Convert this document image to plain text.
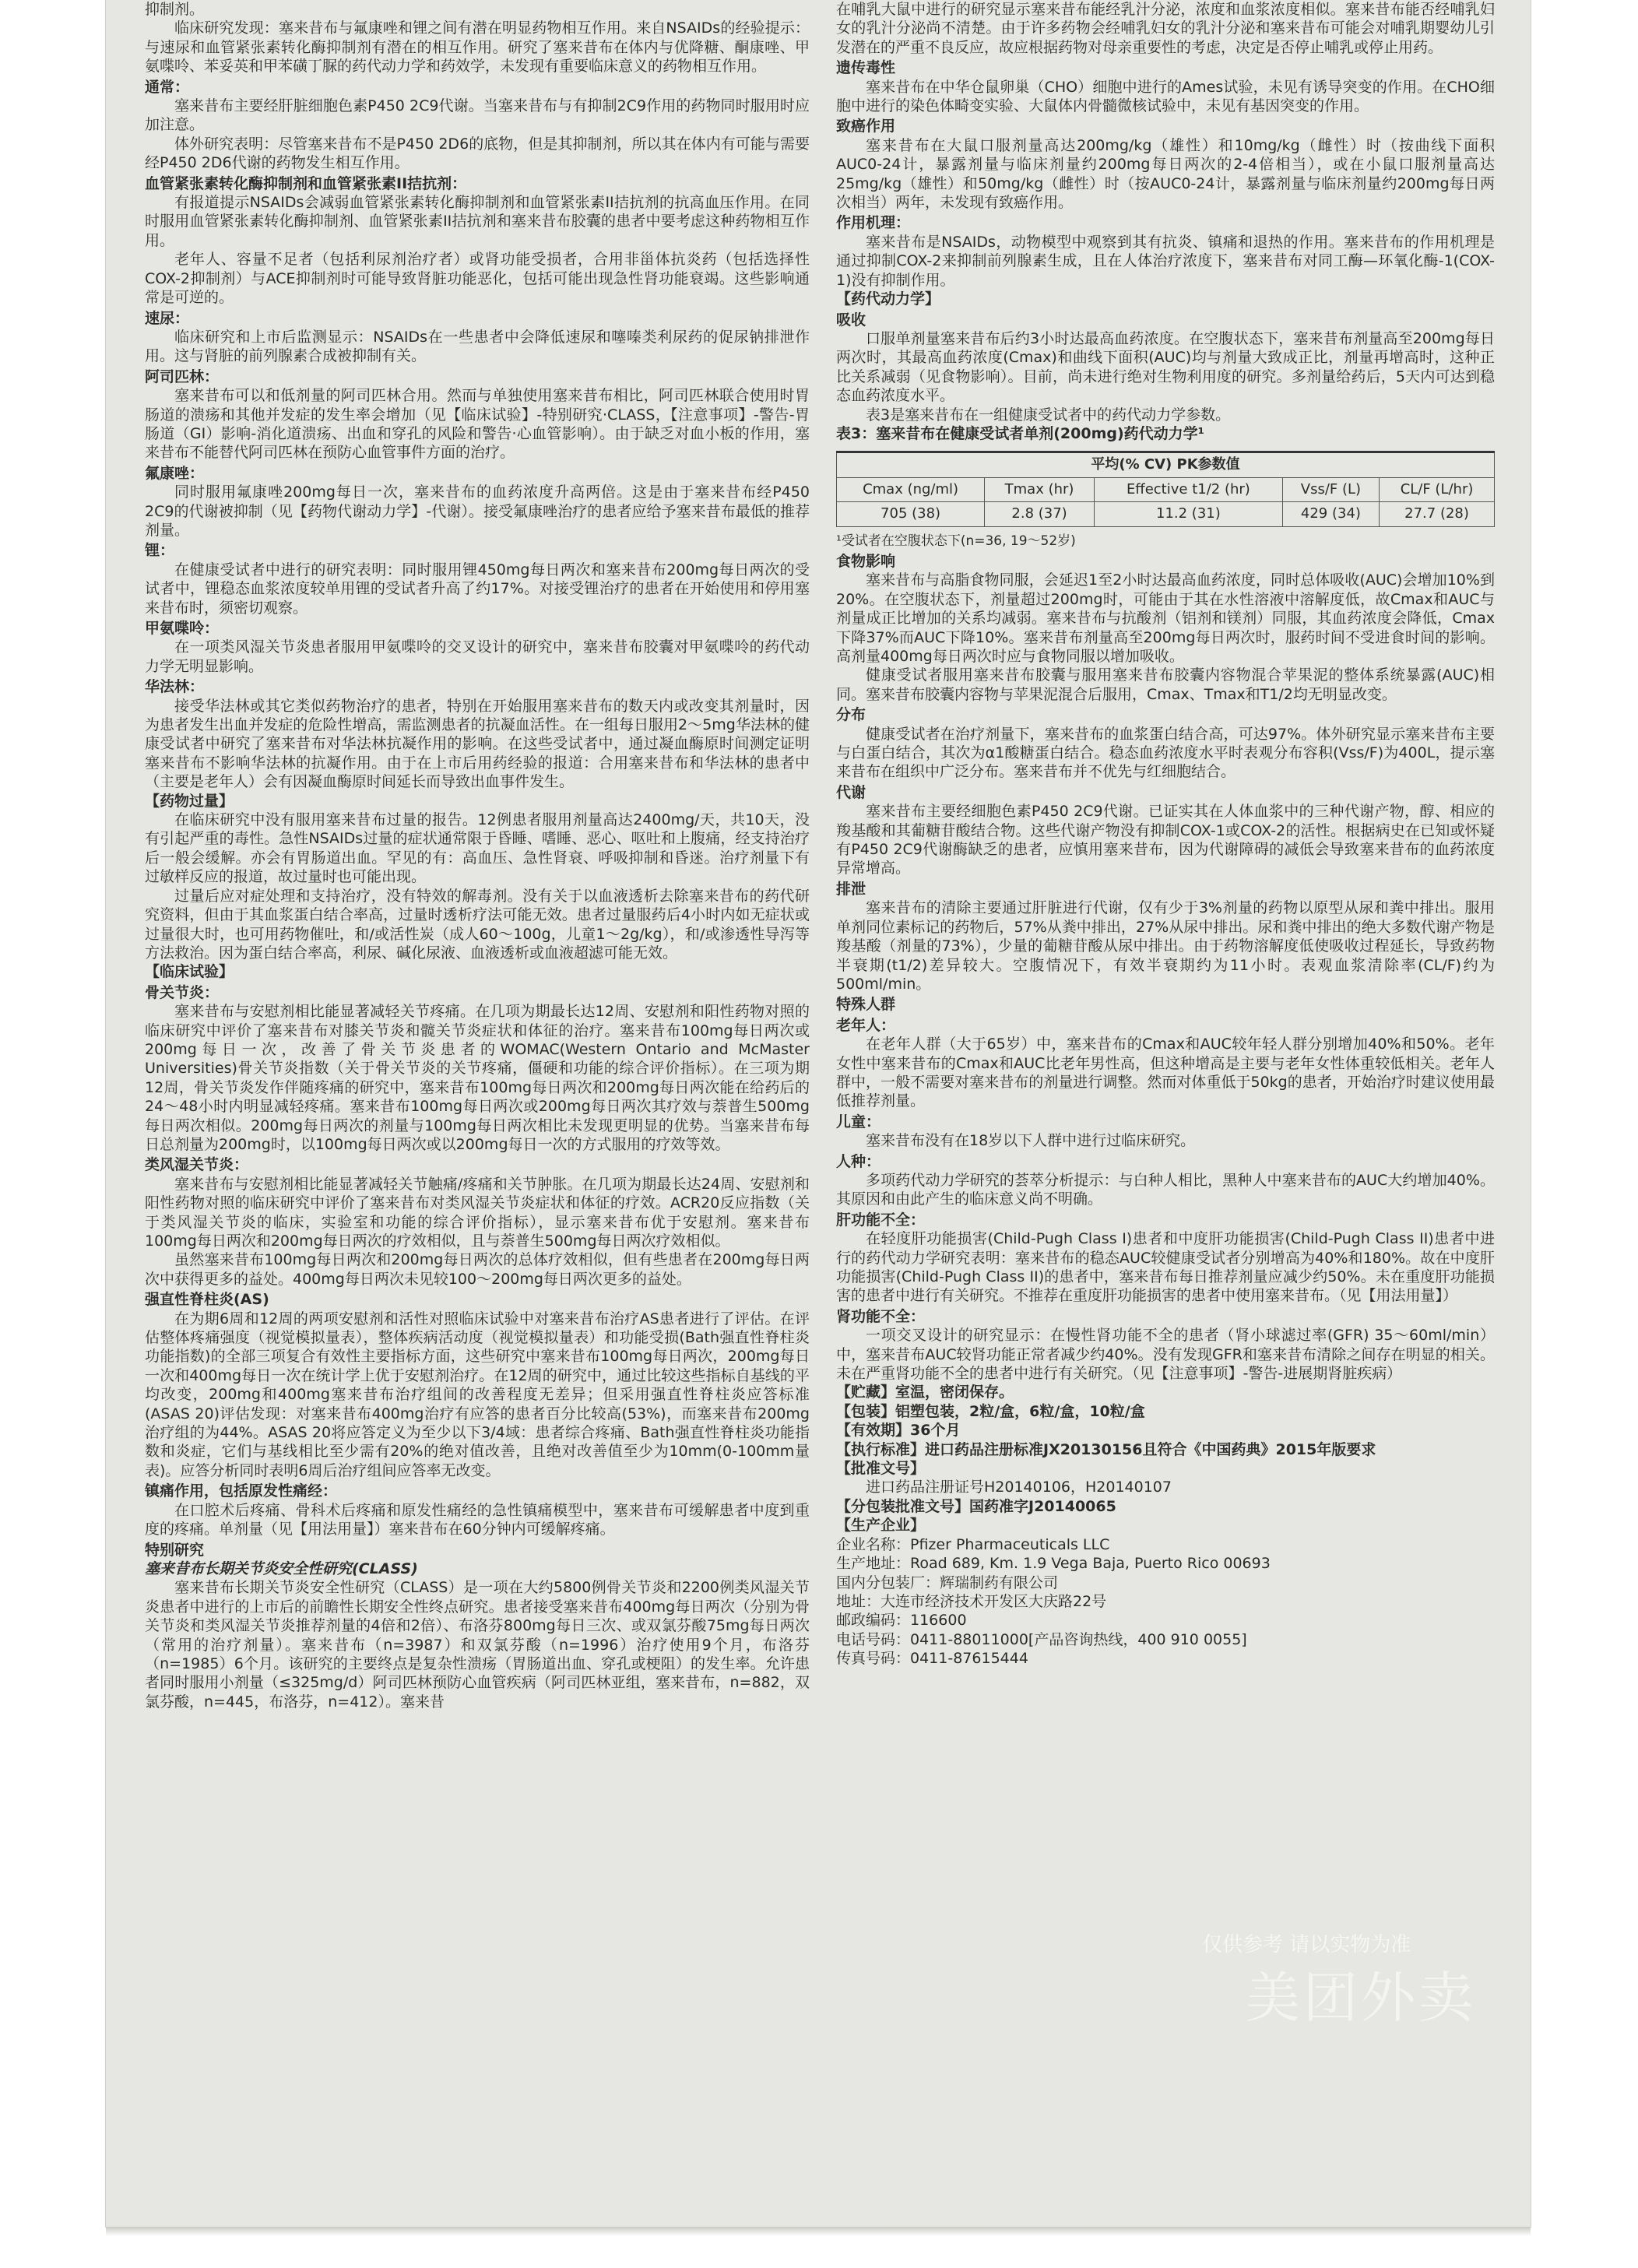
抑制剂。

临床研究发现：塞来昔布与氟康唑和锂之间有潜在明显药物相互作用。来自NSAIDs的经验提示：与速尿和血管紧张素转化酶抑制剂有潜在的相互作用。研究了塞来昔布在体内与优降糖、酮康唑、甲氨喋呤、苯妥英和甲苯磺丁脲的药代动力学和药效学，未发现有重要临床意义的药物相互作用。

通常：

塞来昔布主要经肝脏细胞色素P450 2C9代谢。当塞来昔布与有抑制2C9作用的药物同时服用时应加注意。

体外研究表明：尽管塞来昔布不是P450 2D6的底物，但是其抑制剂，所以其在体内有可能与需要经P450 2D6代谢的药物发生相互作用。

血管紧张素转化酶抑制剂和血管紧张素II拮抗剂：

有报道提示NSAIDs会减弱血管紧张素转化酶抑制剂和血管紧张素II拮抗剂的抗高血压作用。在同时服用血管紧张素转化酶抑制剂、血管紧张素II拮抗剂和塞来昔布胶囊的患者中要考虑这种药物相互作用。

老年人、容量不足者（包括利尿剂治疗者）或肾功能受损者，合用非甾体抗炎药（包括选择性COX-2抑制剂）与ACE抑制剂时可能导致肾脏功能恶化，包括可能出现急性肾功能衰竭。这些影响通常是可逆的。

速尿：

临床研究和上市后监测显示：NSAIDs在一些患者中会降低速尿和噻嗪类利尿药的促尿钠排泄作用。这与肾脏的前列腺素合成被抑制有关。

阿司匹林：

塞来昔布可以和低剂量的阿司匹林合用。然而与单独使用塞来昔布相比，阿司匹林联合使用时胃肠道的溃疡和其他并发症的发生率会增加（见【临床试验】-特别研究·CLASS，【注意事项】-警告-胃肠道（GI）影响-消化道溃疡、出血和穿孔的风险和警告·心血管影响）。由于缺乏对血小板的作用，塞来昔布不能替代阿司匹林在预防心血管事件方面的治疗。

氟康唑：

同时服用氟康唑200mg每日一次，塞来昔布的血药浓度升高两倍。这是由于塞来昔布经P450 2C9的代谢被抑制（见【药物代谢动力学】-代谢）。接受氟康唑治疗的患者应给予塞来昔布最低的推荐剂量。

锂：

在健康受试者中进行的研究表明：同时服用锂450mg每日两次和塞来昔布200mg每日两次的受试者中，锂稳态血浆浓度较单用锂的受试者升高了约17%。对接受锂治疗的患者在开始使用和停用塞来昔布时，须密切观察。

甲氨喋呤：

在一项类风湿关节炎患者服用甲氨喋呤的交叉设计的研究中，塞来昔布胶囊对甲氨喋呤的药代动力学无明显影响。

华法林：

接受华法林或其它类似药物治疗的患者，特别在开始服用塞来昔布的数天内或改变其剂量时，因为患者发生出血并发症的危险性增高，需监测患者的抗凝血活性。在一组每日服用2～5mg华法林的健康受试者中研究了塞来昔布对华法林抗凝作用的影响。在这些受试者中，通过凝血酶原时间测定证明塞来昔布不影响华法林的抗凝作用。由于在上市后用药经验的报道：合用塞来昔布和华法林的患者中（主要是老年人）会有因凝血酶原时间延长而导致出血事件发生。

【药物过量】

在临床研究中没有服用塞来昔布过量的报告。12例患者服用剂量高达2400mg/天，共10天，没有引起严重的毒性。急性NSAIDs过量的症状通常限于昏睡、嗜睡、恶心、呕吐和上腹痛，经支持治疗后一般会缓解。亦会有胃肠道出血。罕见的有：高血压、急性肾衰、呼吸抑制和昏迷。治疗剂量下有过敏样反应的报道，故过量时也可能出现。

过量后应对症处理和支持治疗，没有特效的解毒剂。没有关于以血液透析去除塞来昔布的药代研究资料，但由于其血浆蛋白结合率高，过量时透析疗法可能无效。患者过量服药后4小时内如无症状或过量很大时，也可用药物催吐，和/或活性炭（成人60～100g，儿童1～2g/kg），和/或渗透性导泻等方法救治。因为蛋白结合率高，利尿、碱化尿液、血液透析或血液超滤可能无效。

【临床试验】

骨关节炎：

塞来昔布与安慰剂相比能显著减轻关节疼痛。在几项为期最长达12周、安慰剂和阳性药物对照的临床研究中评价了塞来昔布对膝关节炎和髋关节炎症状和体征的治疗。塞来昔布100mg每日两次或200mg每日一次，改善了骨关节炎患者的WOMAC(Western Ontario and McMaster Universities)骨关节炎指数（关于骨关节炎的关节疼痛，僵硬和功能的综合评价指标）。在三项为期12周，骨关节炎发作伴随疼痛的研究中，塞来昔布100mg每日两次和200mg每日两次能在给药后的24～48小时内明显减轻疼痛。塞来昔布100mg每日两次或200mg每日两次其疗效与萘普生500mg每日两次相似。200mg每日两次的剂量与100mg每日两次相比未发现更明显的优势。当塞来昔布每日总剂量为200mg时，以100mg每日两次或以200mg每日一次的方式服用的疗效等效。

类风湿关节炎：

塞来昔布与安慰剂相比能显著减轻关节触痛/疼痛和关节肿胀。在几项为期最长达24周、安慰剂和阳性药物对照的临床研究中评价了塞来昔布对类风湿关节炎症状和体征的疗效。ACR20反应指数（关于类风湿关节炎的临床，实验室和功能的综合评价指标），显示塞来昔布优于安慰剂。塞来昔布100mg每日两次和200mg每日两次的疗效相似，且与萘普生500mg每日两次疗效相似。

虽然塞来昔布100mg每日两次和200mg每日两次的总体疗效相似，但有些患者在200mg每日两次中获得更多的益处。400mg每日两次未见较100～200mg每日两次更多的益处。

强直性脊柱炎(AS)

在为期6周和12周的两项安慰剂和活性对照临床试验中对塞来昔布治疗AS患者进行了评估。在评估整体疼痛强度（视觉模拟量表），整体疾病活动度（视觉模拟量表）和功能受损(Bath强直性脊柱炎功能指数)的全部三项复合有效性主要指标方面，这些研究中塞来昔布100mg每日两次，200mg每日一次和400mg每日一次在统计学上优于安慰剂治疗。在12周的研究中，通过比较这些指标自基线的平均改变，200mg和400mg塞来昔布治疗组间的改善程度无差异；但采用强直性脊柱炎应答标准(ASAS 20)评估发现：对塞来昔布400mg治疗有应答的患者百分比较高(53%)，而塞来昔布200mg治疗组的为44%。ASAS 20将应答定义为至少以下3/4域：患者综合疼痛、Bath强直性脊柱炎功能指数和炎症，它们与基线相比至少需有20%的绝对值改善，且绝对改善值至少为10mm(0-100mm量表)。应答分析同时表明6周后治疗组间应答率无改变。

镇痛作用，包括原发性痛经：

在口腔术后疼痛、骨科术后疼痛和原发性痛经的急性镇痛模型中，塞来昔布可缓解患者中度到重度的疼痛。单剂量（见【用法用量】）塞来昔布在60分钟内可缓解疼痛。

特别研究

塞来昔布长期关节炎安全性研究(CLASS)

塞来昔布长期关节炎安全性研究（CLASS）是一项在大约5800例骨关节炎和2200例类风湿关节炎患者中进行的上市后的前瞻性长期安全性终点研究。患者接受塞来昔布400mg每日两次（分别为骨关节炎和类风湿关节炎推荐剂量的4倍和2倍）、布洛芬800mg每日三次、或双氯芬酸75mg每日两次（常用的治疗剂量）。塞来昔布（n=3987）和双氯芬酸（n=1996）治疗使用9个月，布洛芬（n=1985）6个月。该研究的主要终点是复杂性溃疡（胃肠道出血、穿孔或梗阻）的发生率。允许患者同时服用小剂量（≤325mg/d）阿司匹林预防心血管疾病（阿司匹林亚组，塞来昔布，n=882，双氯芬酸，n=445，布洛芬，n=412）。塞来昔

在哺乳大鼠中进行的研究显示塞来昔布能经乳汁分泌，浓度和血浆浓度相似。塞来昔布能否经哺乳妇女的乳汁分泌尚不清楚。由于许多药物会经哺乳妇女的乳汁分泌和塞来昔布可能会对哺乳期婴幼儿引发潜在的严重不良反应，故应根据药物对母亲重要性的考虑，决定是否停止哺乳或停止用药。

遗传毒性

塞来昔布在中华仓鼠卵巢（CHO）细胞中进行的Ames试验，未见有诱导突变的作用。在CHO细胞中进行的染色体畸变实验、大鼠体内骨髓微核试验中，未见有基因突变的作用。

致癌作用

塞来昔布在大鼠口服剂量高达200mg/kg（雄性）和10mg/kg（雌性）时（按曲线下面积AUC0-24计，暴露剂量与临床剂量约200mg每日两次的2-4倍相当），或在小鼠口服剂量高达25mg/kg（雄性）和50mg/kg（雌性）时（按AUC0-24计，暴露剂量与临床剂量约200mg每日两次相当）两年，未发现有致癌作用。

作用机理：

塞来昔布是NSAIDs，动物模型中观察到其有抗炎、镇痛和退热的作用。塞来昔布的作用机理是通过抑制COX-2来抑制前列腺素生成，且在人体治疗浓度下，塞来昔布对同工酶—环氧化酶-1(COX-1)没有抑制作用。

【药代动力学】

吸收

口服单剂量塞来昔布后约3小时达最高血药浓度。在空腹状态下，塞来昔布剂量高至200mg每日两次时，其最高血药浓度(Cmax)和曲线下面积(AUC)均与剂量大致成正比，剂量再增高时，这种正比关系减弱（见食物影响）。目前，尚未进行绝对生物利用度的研究。多剂量给药后，5天内可达到稳态血药浓度水平。

表3是塞来昔布在一组健康受试者中的药代动力学参数。

表3：塞来昔布在健康受试者单剂(200mg)药代动力学¹

平均(% CV) PK参数值				
Cmax (ng/ml)	Tmax (hr)	Effective t1/2 (hr)	Vss/F (L)	CL/F (L/hr)
705 (38)	2.8 (37)	11.2 (31)	429 (34)	27.7 (28)

¹受试者在空腹状态下(n=36, 19～52岁)

食物影响

塞来昔布与高脂食物同服，会延迟1至2小时达最高血药浓度，同时总体吸收(AUC)会增加10%到20%。在空腹状态下，剂量超过200mg时，可能由于其在水性溶液中溶解度低，故Cmax和AUC与剂量成正比增加的关系均减弱。塞来昔布与抗酸剂（铝剂和镁剂）同服，其血药浓度会降低，Cmax下降37%而AUC下降10%。塞来昔布剂量高至200mg每日两次时，服药时间不受进食时间的影响。高剂量400mg每日两次时应与食物同服以增加吸收。

健康受试者服用塞来昔布胶囊与服用塞来昔布胶囊内容物混合苹果泥的整体系统暴露(AUC)相同。塞来昔布胶囊内容物与苹果泥混合后服用，Cmax、Tmax和T1/2均无明显改变。

分布

健康受试者在治疗剂量下，塞来昔布的血浆蛋白结合高，可达97%。体外研究显示塞来昔布主要与白蛋白结合，其次为α1酸糖蛋白结合。稳态血药浓度水平时表观分布容积(Vss/F)为400L，提示塞来昔布在组织中广泛分布。塞来昔布并不优先与红细胞结合。

代谢

塞来昔布主要经细胞色素P450 2C9代谢。已证实其在人体血浆中的三种代谢产物，醇、相应的羧基酸和其葡糖苷酸结合物。这些代谢产物没有抑制COX-1或COX-2的活性。根据病史在已知或怀疑有P450 2C9代谢酶缺乏的患者，应慎用塞来昔布，因为代谢障碍的减低会导致塞来昔布的血药浓度异常增高。

排泄

塞来昔布的清除主要通过肝脏进行代谢，仅有少于3%剂量的药物以原型从尿和粪中排出。服用单剂同位素标记的药物后，57%从粪中排出，27%从尿中排出。尿和粪中排出的绝大多数代谢产物是羧基酸（剂量的73%），少量的葡糖苷酸从尿中排出。由于药物溶解度低使吸收过程延长，导致药物半衰期(t1/2)差异较大。空腹情况下，有效半衰期约为11小时。表观血浆清除率(CL/F)约为500ml/min。

特殊人群

老年人：

在老年人群（大于65岁）中，塞来昔布的Cmax和AUC较年轻人群分别增加40%和50%。老年女性中塞来昔布的Cmax和AUC比老年男性高，但这种增高是主要与老年女性体重较低相关。老年人群中，一般不需要对塞来昔布的剂量进行调整。然而对体重低于50kg的患者，开始治疗时建议使用最低推荐剂量。

儿童：

塞来昔布没有在18岁以下人群中进行过临床研究。

人种：

多项药代动力学研究的荟萃分析提示：与白种人相比，黑种人中塞来昔布的AUC大约增加40%。其原因和由此产生的临床意义尚不明确。

肝功能不全：

在轻度肝功能损害(Child-Pugh Class I)患者和中度肝功能损害(Child-Pugh Class II)患者中进行的药代动力学研究表明：塞来昔布的稳态AUC较健康受试者分别增高为40%和180%。故在中度肝功能损害(Child-Pugh Class II)的患者中，塞来昔布每日推荐剂量应减少约50%。未在重度肝功能损害的患者中进行有关研究。不推荐在重度肝功能损害的患者中使用塞来昔布。（见【用法用量】）

肾功能不全：

一项交叉设计的研究显示：在慢性肾功能不全的患者（肾小球滤过率(GFR) 35～60ml/min）中，塞来昔布AUC较肾功能正常者减少约40%。没有发现GFR和塞来昔布清除之间存在明显的相关。未在严重肾功能不全的患者中进行有关研究。（见【注意事项】-警告-进展期肾脏疾病）

【贮藏】室温，密闭保存。

【包装】铝塑包装，2粒/盒，6粒/盒，10粒/盒

【有效期】36个月

【执行标准】进口药品注册标准JX20130156且符合《中国药典》2015年版要求

【批准文号】

进口药品注册证号H20140106，H20140107

【分包装批准文号】国药准字J20140065

【生产企业】

企业名称：Pfizer Pharmaceuticals LLC

生产地址：Road 689, Km. 1.9 Vega Baja, Puerto Rico 00693

国内分包装厂：辉瑞制药有限公司

地址：大连市经济技术开发区大庆路22号

邮政编码：116600

电话号码：0411-88011000[产品咨询热线，400 910 0055]

传真号码：0411-87615444

仅供参考 请以实物为准
美团外卖
